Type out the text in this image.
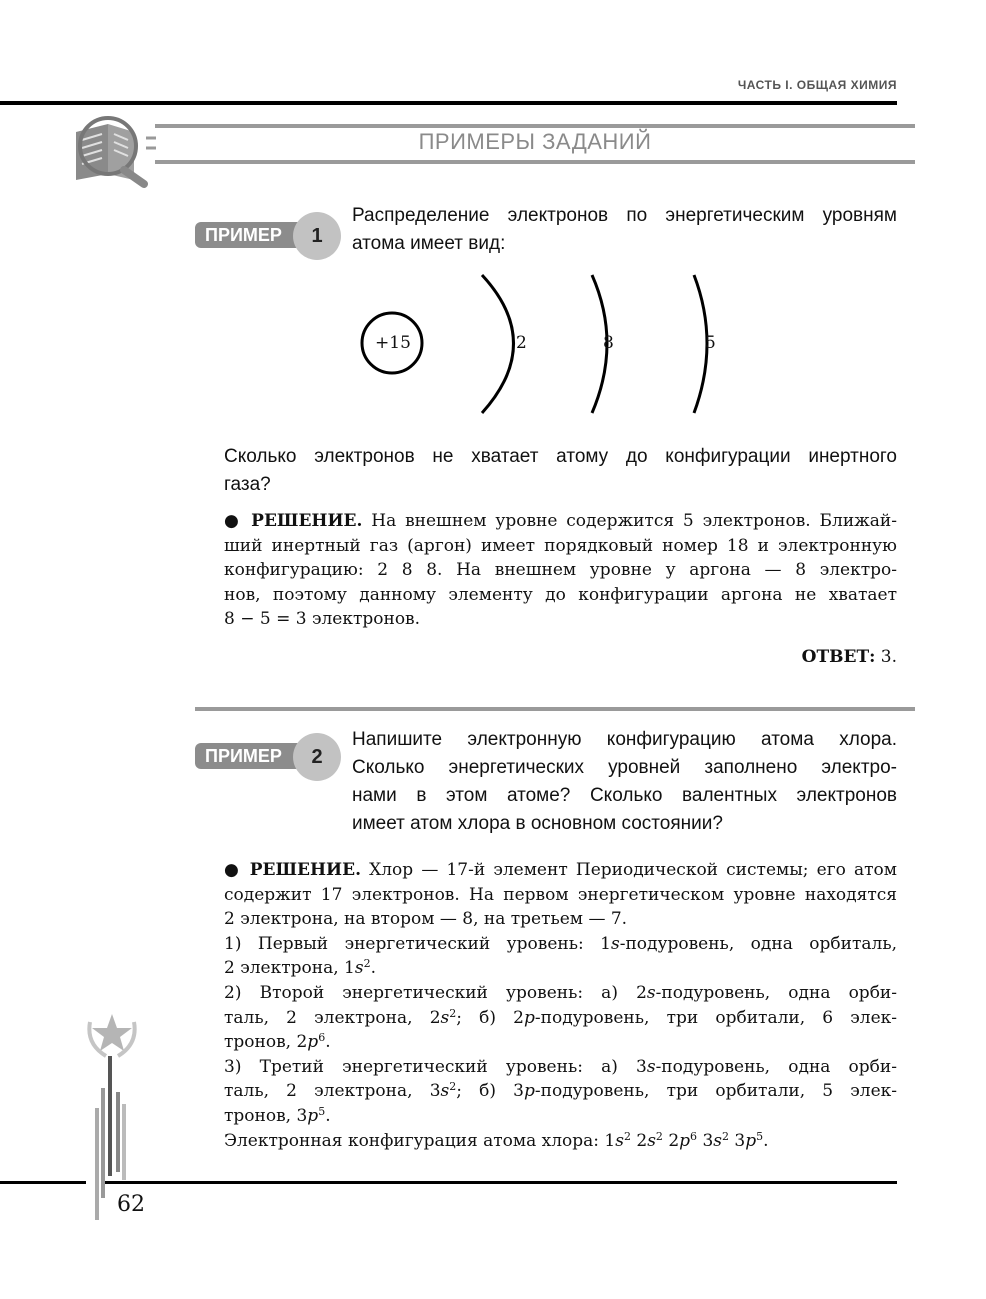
ЧАСТЬ I. ОБЩАЯ ХИМИЯ
ПРИМЕРЫ ЗАДАНИЙ
ПРИМЕР	1
Распределение электронов по энергетическим уровням
атома имеет вид:
+15	2	8	5
Сколько электронов не хватает атому до конфигурации инертного
газа?
● РЕШЕНИЕ. На внешнем уровне содержится 5 электронов. Ближай-
ший инертный газ (аргон) имеет порядковый номер 18 и электронную
конфигурацию: 2 8 8. На внешнем уровне у аргона — 8 электро-
нов, поэтому данному элементу до конфигурации аргона не хватает
8 − 5 = 3 электронов.
ОТВЕТ: 3.
ПРИМЕР	2
Напишите электронную конфигурацию атома хлора.
Сколько энергетических уровней заполнено электро-
нами в этом атоме? Сколько валентных электронов
имеет атом хлора в основном состоянии?
● РЕШЕНИЕ. Хлор — 17-й элемент Периодической системы; его атом
содержит 17 электронов. На первом энергетическом уровне находятся
2 электрона, на втором — 8, на третьем — 7.
1) Первый энергетический уровень: 1s-подуровень, одна орбиталь,
2 электрона, $1s^2$.
2) Второй энергетический уровень: а) 2s-подуровень, одна орби-
таль, 2 электрона, $2s^2$; б) 2p-подуровень, три орбитали, 6 элек-
тронов, $2p^6$.
3) Третий энергетический уровень: а) 3s-подуровень, одна орби-
таль, 2 электрона, $3s^2$; б) 3p-подуровень, три орбитали, 5 элек-
тронов, $3p^5$.
Электронная конфигурация атома хлора: $1s^2$ $2s^2$ $2p^6$ $3s^2$ $3p^5$.
62
